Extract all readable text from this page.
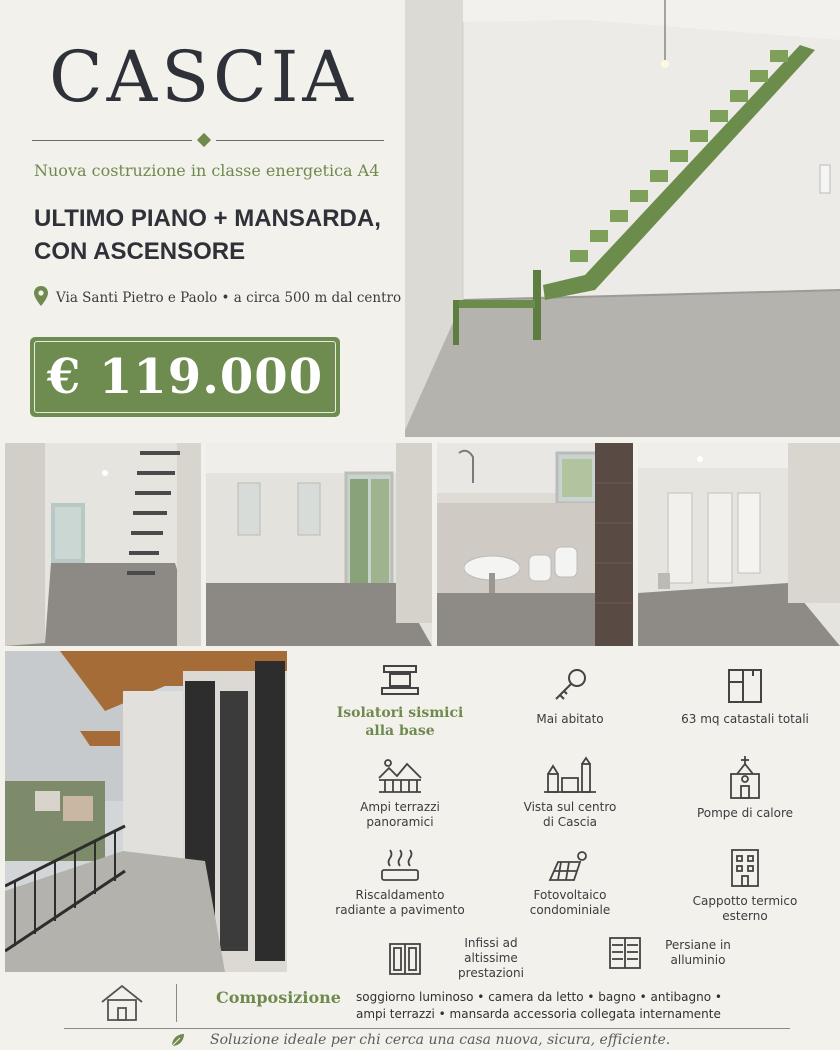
CASCIA
Nuova costruzione in classe energetica A4
ULTIMO PIANO + MANSARDA,
CON ASCENSORE
Via Santi Pietro e Paolo • a circa 500 m dal centro
€ 119.000
Isolatori sismici alla base
Mai abitato	63 mq catastali totali
Ampi terrazzi panoramici
Vista sul centro di Cascia
Pompe di calore
Riscaldamento radiante a pavimento
Fotovoltaico condominiale
Cappotto termico esterno
Infissi ad altissime prestazioni
Persiane in alluminio
Composizione soggiorno luminoso • camera da letto • bagno • antibagno •
ampi terrazzi • mansarda accessoria collegata internamente
Soluzione ideale per chi cerca una casa nuova, sicura, efficiente.
